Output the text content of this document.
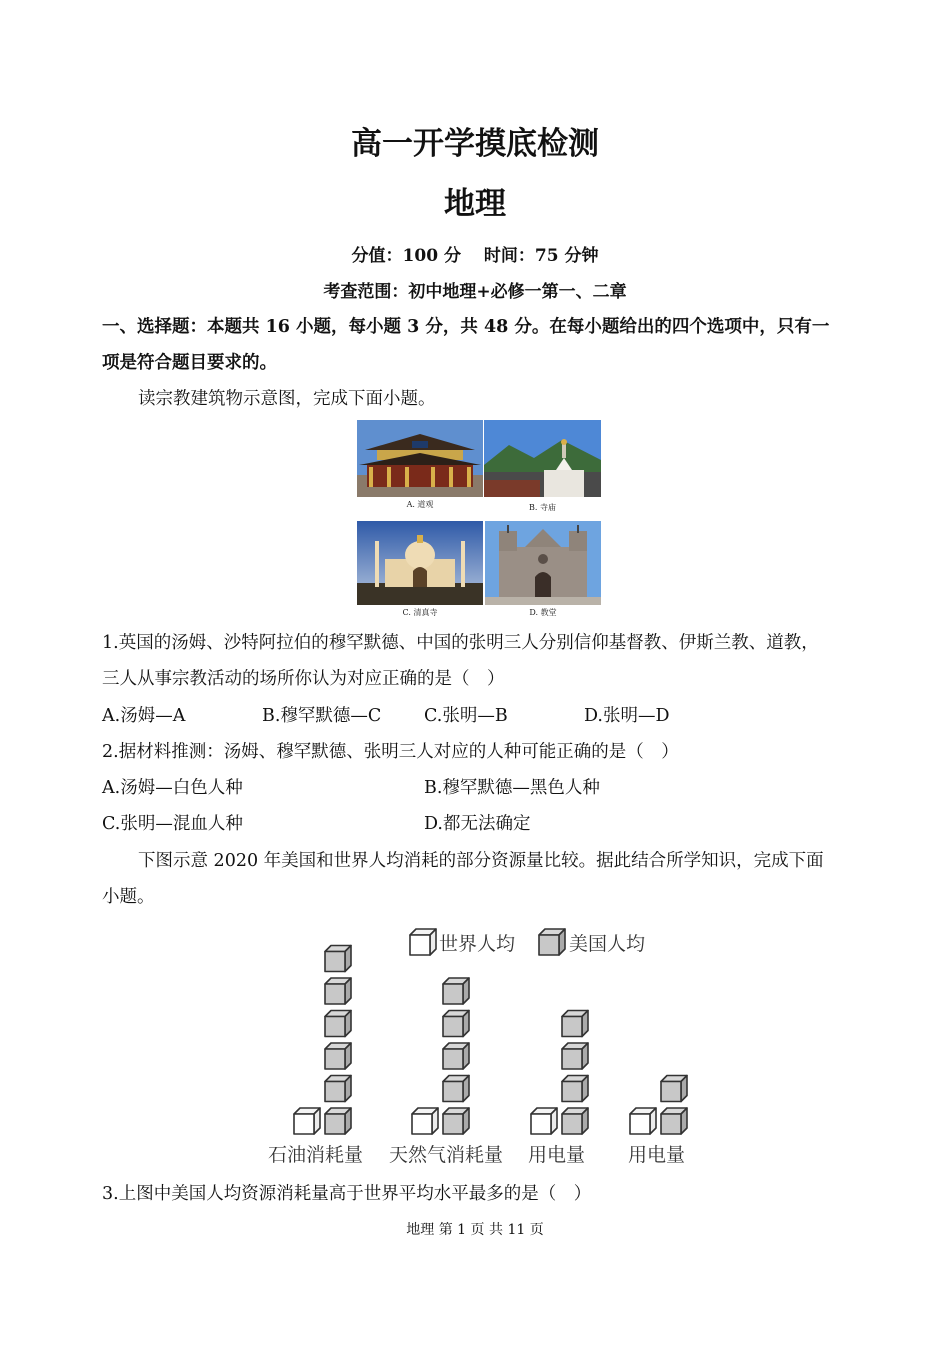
高一开学摸底检测
地理
分值：100 分　 时间：75 分钟
考查范围：初中地理+必修一第一、二章
一、选择题：本题共 16 小题，每小题 3 分，共 48 分。在每小题给出的四个选项中，只有一
项是符合题目要求的。
读宗教建筑物示意图，完成下面小题。
A. 道观	B. 寺庙
C. 清真寺	D. 教堂
1.英国的汤姆、沙特阿拉伯的穆罕默德、中国的张明三人分别信仰基督教、伊斯兰教、道教，
三人从事宗教活动的场所你认为对应正确的是（　）
A.汤姆—A	B.穆罕默德—C C.张明—B	D.张明—D
2.据材料推测：汤姆、穆罕默德、张明三人对应的人种可能正确的是（　）
A.汤姆—白色人种	B.穆罕默德—黑色人种
C.张明—混血人种	D.都无法确定
下图示意 2020 年美国和世界人均消耗的部分资源量比较。据此结合所学知识，完成下面
小题。
世界人均	美国人均
石油消耗量 天然气消耗量 用电量 用电量
3.上图中美国人均资源消耗量高于世界平均水平最多的是（　）
地理 第 1 页 共 11 页
